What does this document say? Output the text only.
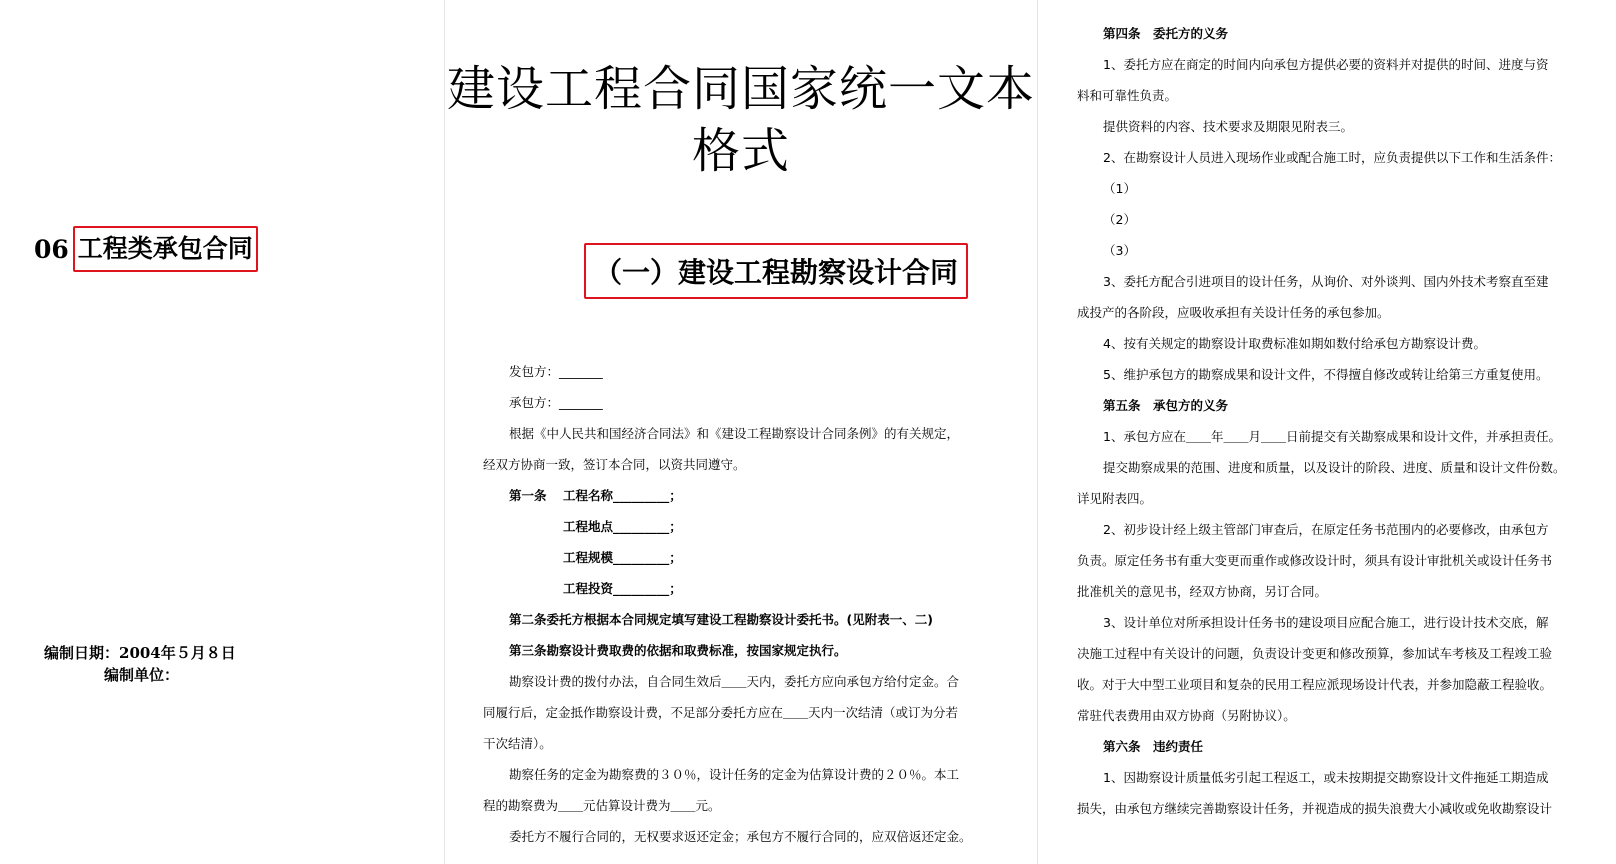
06 工程类承包合同
编制日期：2004年５月８日
编制单位：
建设工程合同国家统一文本格式
（一）建设工程勘察设计合同

发包方：_______

承包方：_______

根据《中人民共和国经济合同法》和《建设工程勘察设计合同条例》的有关规定，

经双方协商一致，签订本合同，以资共同遵守。

第一条 工程名称_________；

工程地点_________；

工程规模_________；

工程投资_________；

第二条委托方根据本合同规定填写建设工程勘察设计委托书。(见附表一、二)

第三条勘察设计费取费的依据和取费标准，按国家规定执行。

勘察设计费的拨付办法，自合同生效后＿＿天内，委托方应向承包方给付定金。合

同履行后，定金抵作勘察设计费，不足部分委托方应在＿＿天内一次结清（或订为分若

干次结清）。

勘察任务的定金为勘察费的３０％，设计任务的定金为估算设计费的２０％。本工

程的勘察费为＿＿元估算设计费为＿＿元。

委托方不履行合同的，无权要求返还定金；承包方不履行合同的，应双倍返还定金。

第四条　委托方的义务

1、委托方应在商定的时间内向承包方提供必要的资料并对提供的时间、进度与资

料和可靠性负责。

提供资料的内容、技术要求及期限见附表三。

2、在勘察设计人员进入现场作业或配合施工时，应负责提供以下工作和生活条件：

（1）

（2）

（3）

3、委托方配合引进项目的设计任务，从询价、对外谈判、国内外技术考察直至建

成投产的各阶段，应吸收承担有关设计任务的承包参加。

4、按有关规定的勘察设计取费标准如期如数付给承包方勘察设计费。

5、维护承包方的勘察成果和设计文件，不得擅自修改或转让给第三方重复使用。

第五条　承包方的义务

1、承包方应在＿＿年＿＿月＿＿日前提交有关勘察成果和设计文件，并承担责任。

提交勘察成果的范围、进度和质量，以及设计的阶段、进度、质量和设计文件份数。

详见附表四。

2、初步设计经上级主管部门审查后，在原定任务书范围内的必要修改，由承包方

负责。原定任务书有重大变更而重作或修改设计时，须具有设计审批机关或设计任务书

批准机关的意见书，经双方协商，另订合同。

3、设计单位对所承担设计任务书的建设项目应配合施工，进行设计技术交底，解

决施工过程中有关设计的问题，负责设计变更和修改预算，参加试车考核及工程竣工验

收。对于大中型工业项目和复杂的民用工程应派现场设计代表，并参加隐蔽工程验收。

常驻代表费用由双方协商（另附协议）。

第六条　违约责任

1、因勘察设计质量低劣引起工程返工，或未按期提交勘察设计文件拖延工期造成

损失，由承包方继续完善勘察设计任务，并视造成的损失浪费大小减收或免收勘察设计
